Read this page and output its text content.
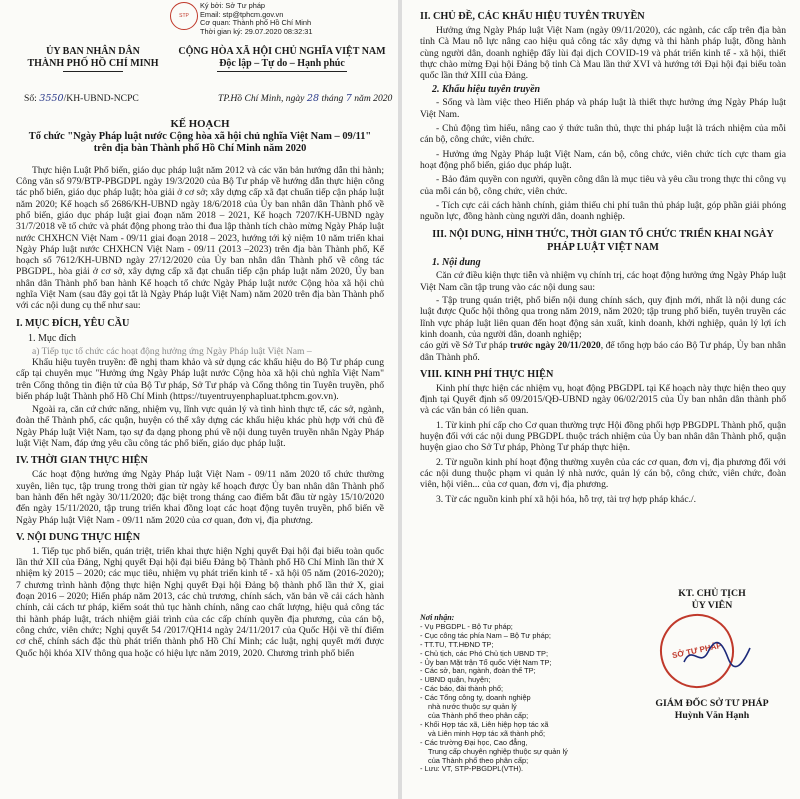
STP
Ký bởi: Sở Tư pháp
Email: stp@tphcm.gov.vn
Cơ quan: Thành phố Hồ Chí Minh
Thời gian ký: 29.07.2020 08:32:31
ỦY BAN NHÂN DÂN
THÀNH PHỐ HỒ CHÍ MINH
CỘNG HÒA XÃ HỘI CHỦ NGHĨA VIỆT NAM
Độc lập – Tự do – Hạnh phúc
Số: 3550/KH-UBND-NCPC	TP.Hồ Chí Minh, ngày 28 tháng 7 năm 2020

KẾ HOẠCH

Tổ chức "Ngày Pháp luật nước Cộng hòa xã hội chủ nghĩa Việt Nam – 09/11"

trên địa bàn Thành phố Hồ Chí Minh năm 2020

Thực hiện Luật Phổ biến, giáo dục pháp luật năm 2012 và các văn bản hướng dẫn thi hành; Công văn số 979/BTP-PBGDPL ngày 19/3/2020 của Bộ Tư pháp về hướng dẫn thực hiện công tác phổ biến, giáo dục pháp luật; hòa giải ở cơ sở; xây dựng cấp xã đạt chuẩn tiếp cận pháp luật năm 2020; Kế hoạch số 2686/KH-UBND ngày 18/6/2018 của Ủy ban nhân dân Thành phố về phổ biến, giáo dục pháp luật giai đoạn năm 2018 – 2021, Kế hoạch 7207/KH-UBND ngày 31/7/2018 về tổ chức và phát động phong trào thi đua lập thành tích chào mừng Ngày Pháp luật nước CHXHCN Việt Nam - 09/11 giai đoạn 2018 – 2023, hướng tới kỷ niệm 10 năm triển khai Ngày Pháp luật nước CHXHCN Việt Nam - 09/11 (2013 –2023) trên địa bàn Thành phố, Kế hoạch số 7612/KH-UBND ngày 27/12/2020 của Ủy ban nhân dân Thành phố về công tác PBGDPL, hòa giải ở cơ sở, xây dựng cấp xã đạt chuẩn tiếp cận pháp luật năm 2020, Ủy ban nhân dân Thành phố ban hành Kế hoạch tổ chức Ngày Pháp luật nước Cộng hòa xã hội chủ nghĩa Việt Nam (sau đây gọi tắt là Ngày Pháp luật Việt Nam) năm 2020 trên địa bàn Thành phố với các nội dung cụ thể như sau:

I. MỤC ĐÍCH, YÊU CẦU

1. Mục đích

a) Tiếp tục tổ chức các hoạt động hưởng ứng Ngày Pháp luật Việt Nam –

Khẩu hiệu tuyên truyền: đề nghị tham khảo và sử dụng các khẩu hiệu do Bộ Tư pháp cung cấp tại chuyên mục "Hưởng ứng Ngày Pháp luật nước Cộng hòa xã hội chủ nghĩa Việt Nam" trên Cổng thông tin điện tử của Bộ Tư pháp, Sở Tư pháp và Cổng thông tin Tuyên truyền, phổ biến pháp luật Thành phố Hồ Chí Minh (https://tuyentruyenphapluat.tphcm.gov.vn).

Ngoài ra, căn cứ chức năng, nhiệm vụ, lĩnh vực quản lý và tình hình thực tế, các sở, ngành, đoàn thể Thành phố, các quận, huyện có thể xây dựng các khẩu hiệu khác phù hợp với chủ đề Ngày Pháp luật Việt Nam, tạo sự đa dạng phong phú về nội dung tuyên truyền nhân Ngày Pháp luật Việt Nam, đáp ứng yêu cầu công tác phổ biến, giáo dục pháp luật.

IV. THỜI GIAN THỰC HIỆN

Các hoạt động hưởng ứng Ngày Pháp luật Việt Nam - 09/11 năm 2020 tổ chức thường xuyên, liên tục, tập trung trong thời gian từ ngày kế hoạch được Ủy ban nhân dân Thành phố ban hành đến hết ngày 30/11/2020; đặc biệt trong tháng cao điểm bắt đầu từ ngày 15/10/2020 đến ngày 15/11/2020, tập trung triển khai đồng loạt các hoạt động tuyên truyền, phổ biến về Ngày Pháp luật Việt Nam - 09/11 năm 2020 của cơ quan, đơn vị, địa phương.

V. NỘI DUNG THỰC HIỆN

1. Tiếp tục phổ biến, quán triệt, triển khai thực hiện Nghị quyết Đại hội đại biểu toàn quốc lần thứ XII của Đảng, Nghị quyết Đại hội đại biểu Đảng bộ Thành phố Hồ Chí Minh lần thứ X nhiệm kỳ 2015 – 2020; các mục tiêu, nhiệm vụ phát triển kinh tế - xã hội 05 năm (2016-2020); 7 chương trình hành động thực hiện Nghị quyết Đại hội Đảng bộ thành phố lần thứ X, giai đoạn 2016 – 2020; Hiến pháp năm 2013, các chủ trương, chính sách, văn bản về cải cách hành chính, cải cách tư pháp, kiểm soát thủ tục hành chính, nâng cao chất lượng, hiệu quả công tác thi hành pháp luật, trách nhiệm giải trình của các cấp chính quyền địa phương, của cán bộ, công chức, viên chức; Nghị quyết 54 /2017/QH14 ngày 24/11/2017 của Quốc Hội về thí điểm cơ chế, chính sách đặc thù phát triển thành phố Hồ Chí Minh; các luật, nghị quyết mới được Quốc hội khóa XIV thông qua hoặc có hiệu lực năm 2019, 2020. Chương trình phổ biến

II. CHỦ ĐỀ, CÁC KHẨU HIỆU TUYÊN TRUYỀN

Hưởng ứng Ngày Pháp luật Việt Nam (ngày 09/11/2020), các ngành, các cấp trên địa bàn tỉnh Cà Mau nỗ lực nâng cao hiệu quả công tác xây dựng và thi hành pháp luật, đồng hành cùng người dân, doanh nghiệp đẩy lùi đại dịch COVID-19 và phát triển kinh tế - xã hội, thiết thực chào mừng Đại hội Đảng bộ tỉnh Cà Mau lần thứ XVI và hướng tới Đại hội đại biểu toàn quốc lần thứ XIII của Đảng.

2. Khẩu hiệu tuyên truyền

- Sống và làm việc theo Hiến pháp và pháp luật là thiết thực hưởng ứng Ngày Pháp luật Việt Nam.

- Chủ động tìm hiểu, nâng cao ý thức tuân thủ, thực thi pháp luật là trách nhiệm của mỗi cán bộ, công chức, viên chức.

- Hưởng ứng Ngày Pháp luật Việt Nam, cán bộ, công chức, viên chức tích cực tham gia hoạt động phổ biến, giáo dục pháp luật.

- Bảo đảm quyền con người, quyền công dân là mục tiêu và yêu cầu trong thực thi công vụ của mỗi cán bộ, công chức, viên chức.

- Tích cực cải cách hành chính, giảm thiểu chi phí tuân thủ pháp luật, góp phần giải phóng nguồn lực, đồng hành cùng người dân, doanh nghiệp.

III. NỘI DUNG, HÌNH THỨC, THỜI GIAN TỔ CHỨC TRIỂN KHAI NGÀY PHÁP LUẬT VIỆT NAM

1. Nội dung

Căn cứ điều kiện thực tiễn và nhiệm vụ chính trị, các hoạt động hưởng ứng Ngày Pháp luật Việt Nam cần tập trung vào các nội dung sau:

- Tập trung quán triệt, phổ biến nội dung chính sách, quy định mới, nhất là nội dung các luật được Quốc hội thông qua trong năm 2019, năm 2020; tập trung phổ biến, tuyên truyền các lĩnh vực pháp luật liên quan đến hoạt động sản xuất, kinh doanh, khởi nghiệp, quản lý lợi ích kinh doanh, của người dân, doanh nghiệp;

cáo gửi về Sở Tư pháp trước ngày 20/11/2020, để tổng hợp báo cáo Bộ Tư pháp, Ủy ban nhân dân Thành phố.

VIII. KINH PHÍ THỰC HIỆN

Kinh phí thực hiện các nhiệm vụ, hoạt động PBGDPL tại Kế hoạch này thực hiện theo quy định tại Quyết định số 09/2015/QĐ-UBND ngày 06/02/2015 của Ủy ban nhân dân thành phố và các văn bản có liên quan.

1. Từ kinh phí cấp cho Cơ quan thường trực Hội đồng phối hợp PBGDPL Thành phố, quận huyện đối với các nội dung PBGDPL thuộc trách nhiệm của Ủy ban nhân dân Thành phố, quận huyện giao cho Sở Tư pháp, Phòng Tư pháp thực hiện.

2. Từ nguồn kinh phí hoạt động thường xuyên của các cơ quan, đơn vị, địa phương đối với các nội dung thuộc phạm vi quản lý nhà nước, quản lý cán bộ, công chức, viên chức, đoàn viên, hội viên... của cơ quan, đơn vị, địa phương.

3. Từ các nguồn kinh phí xã hội hóa, hỗ trợ, tài trợ hợp pháp khác./.

Nơi nhận:
- Vụ PBGDPL - Bộ Tư pháp;
- Cục công tác phía Nam – Bộ Tư pháp;
- TT.TU, TT.HĐND TP;
- Chủ tịch, các Phó Chủ tịch UBND TP;
- Ủy ban Mặt trận Tổ quốc Việt Nam TP;
- Các sở, ban, ngành, đoàn thể TP;
- UBND quận, huyện;
- Các báo, đài thành phố;
- Các Tổng công ty, doanh nghiệp
nhà nước thuộc sự quản lý
của Thành phố theo phân cấp;
- Khối Hợp tác xã, Liên hiệp hợp tác xã
và Liên minh Hợp tác xã thành phố;
- Các trường Đại học, Cao đẳng,
Trung cấp chuyên nghiệp thuộc sự quản lý
của Thành phố theo phân cấp;
- Lưu: VT, STP-PBGDPL(VTH).
KT. CHỦ TỊCH
ỦY VIÊN
GIÁM ĐỐC SỞ TƯ PHÁP
Huỳnh Văn Hạnh
SỞ TƯ PHÁP
